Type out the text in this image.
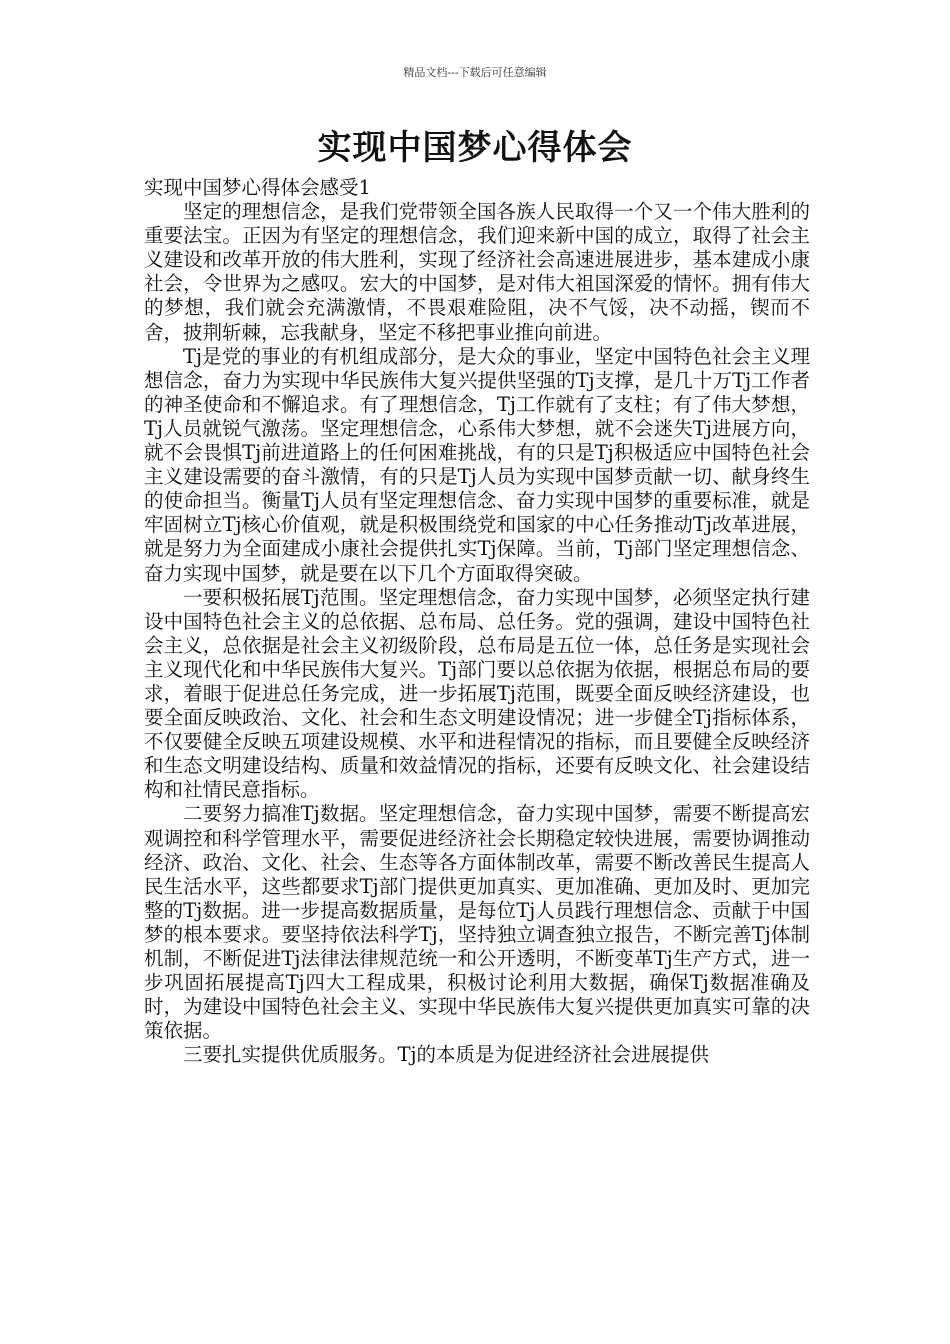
精品文档---下载后可任意编辑
实现中国梦心得体会

实现中国梦心得体会感受1

坚定的理想信念，是我们党带领全国各族人民取得一个又一个伟大胜利的重要法宝。正因为有坚定的理想信念，我们迎来新中国的成立，取得了社会主义建设和改革开放的伟大胜利，实现了经济社会高速进展进步，基本建成小康社会，令世界为之感叹。宏大的中国梦，是对伟大祖国深爱的情怀。拥有伟大的梦想，我们就会充满激情，不畏艰难险阻，决不气馁，决不动摇，锲而不舍，披荆斩棘，忘我献身，坚定不移把事业推向前进。

Tj是党的事业的有机组成部分，是大众的事业，坚定中国特色社会主义理想信念，奋力为实现中华民族伟大复兴提供坚强的Tj支撑，是几十万Tj工作者的神圣使命和不懈追求。有了理想信念，Tj工作就有了支柱；有了伟大梦想，Tj人员就锐气激荡。坚定理想信念，心系伟大梦想，就不会迷失Tj进展方向，就不会畏惧Tj前进道路上的任何困难挑战，有的只是Tj积极适应中国特色社会主义建设需要的奋斗激情，有的只是Tj人员为实现中国梦贡献一切、献身终生的使命担当。衡量Tj人员有坚定理想信念、奋力实现中国梦的重要标准，就是牢固树立Tj核心价值观，就是积极围绕党和国家的中心任务推动Tj改革进展，就是努力为全面建成小康社会提供扎实Tj保障。当前，Tj部门坚定理想信念、奋力实现中国梦，就是要在以下几个方面取得突破。

一要积极拓展Tj范围。坚定理想信念，奋力实现中国梦，必须坚定执行建设中国特色社会主义的总依据、总布局、总任务。党的强调，建设中国特色社会主义，总依据是社会主义初级阶段，总布局是五位一体，总任务是实现社会主义现代化和中华民族伟大复兴。Tj部门要以总依据为依据，根据总布局的要求，着眼于促进总任务完成，进一步拓展Tj范围，既要全面反映经济建设，也要全面反映政治、文化、社会和生态文明建设情况；进一步健全Tj指标体系，不仅要健全反映五项建设规模、水平和进程情况的指标，而且要健全反映经济和生态文明建设结构、质量和效益情况的指标，还要有反映文化、社会建设结构和社情民意指标。

二要努力搞准Tj数据。坚定理想信念，奋力实现中国梦，需要不断提高宏观调控和科学管理水平，需要促进经济社会长期稳定较快进展，需要协调推动经济、政治、文化、社会、生态等各方面体制改革，需要不断改善民生提高人民生活水平，这些都要求Tj部门提供更加真实、更加准确、更加及时、更加完整的Tj数据。进一步提高数据质量，是每位Tj人员践行理想信念、贡献于中国梦的根本要求。要坚持依法科学Tj，坚持独立调查独立报告，不断完善Tj体制机制，不断促进Tj法律法律规范统一和公开透明，不断变革Tj生产方式，进一步巩固拓展提高Tj四大工程成果，积极讨论利用大数据，确保Tj数据准确及时，为建设中国特色社会主义、实现中华民族伟大复兴提供更加真实可靠的决策依据。

三要扎实提供优质服务。Tj的本质是为促进经济社会进展提供
